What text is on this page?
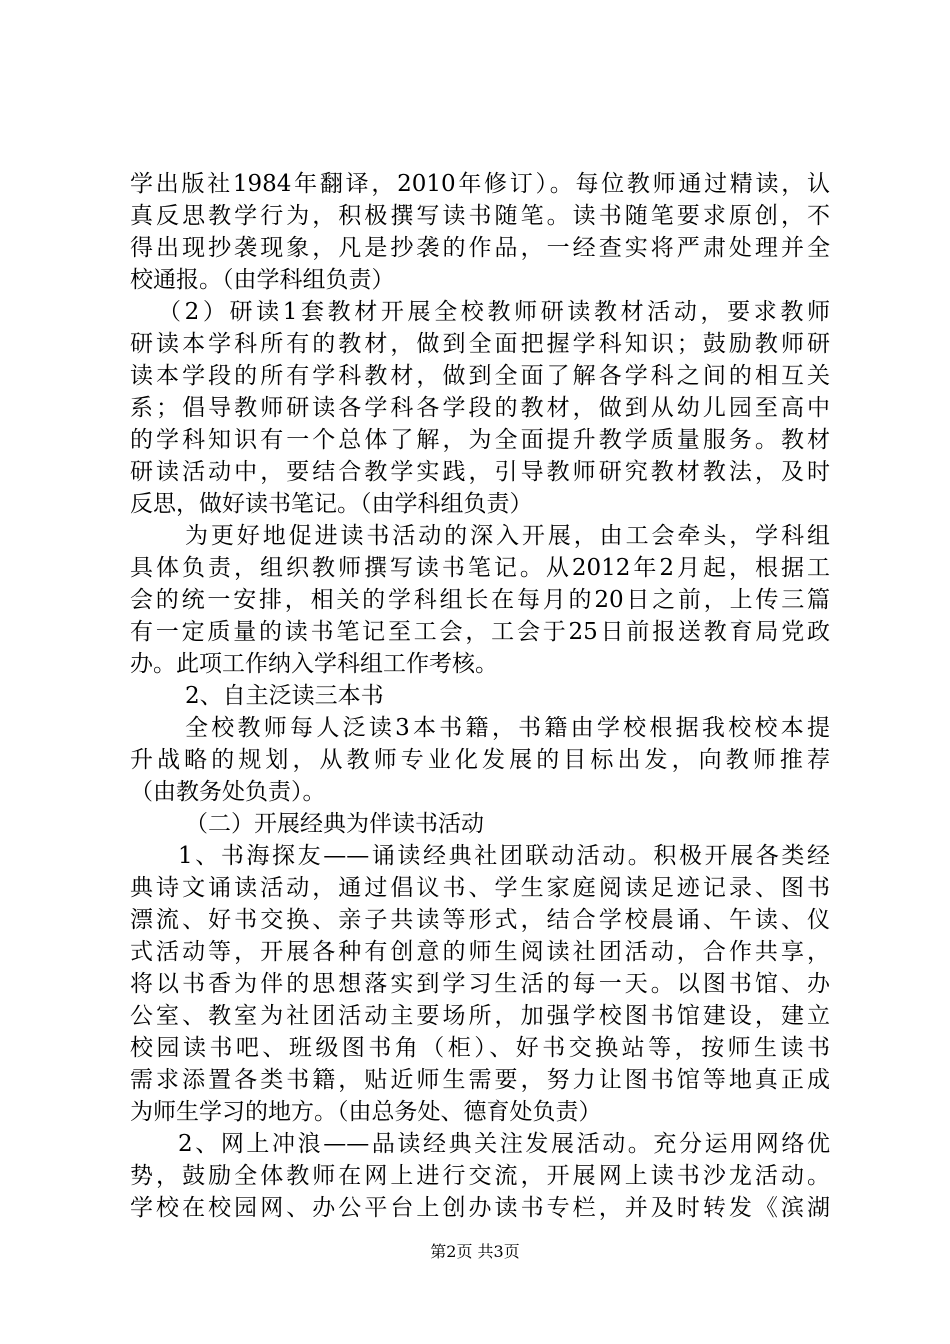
学出版社1984年翻译，2010年修订）。每位教师通过精读，认
真反思教学行为，积极撰写读书随笔。读书随笔要求原创，不
得出现抄袭现象，凡是抄袭的作品，一经查实将严肃处理并全
校通报。（由学科组负责）
（2）研读1套教材开展全校教师研读教材活动，要求教师
研读本学科所有的教材，做到全面把握学科知识；鼓励教师研
读本学段的所有学科教材，做到全面了解各学科之间的相互关
系；倡导教师研读各学科各学段的教材，做到从幼儿园至高中
的学科知识有一个总体了解，为全面提升教学质量服务。教材
研读活动中，要结合教学实践，引导教师研究教材教法，及时
反思，做好读书笔记。（由学科组负责）
为更好地促进读书活动的深入开展，由工会牵头，学科组
具体负责，组织教师撰写读书笔记。从2012年2月起，根据工
会的统一安排，相关的学科组长在每月的20日之前，上传三篇
有一定质量的读书笔记至工会，工会于25日前报送教育局党政
办。此项工作纳入学科组工作考核。
2、自主泛读三本书
全校教师每人泛读3本书籍，书籍由学校根据我校校本提
升战略的规划，从教师专业化发展的目标出发，向教师推荐
（由教务处负责）。
（二）开展经典为伴读书活动
1、书海探友——诵读经典社团联动活动。积极开展各类经
典诗文诵读活动，通过倡议书、学生家庭阅读足迹记录、图书
漂流、好书交换、亲子共读等形式，结合学校晨诵、午读、仪
式活动等，开展各种有创意的师生阅读社团活动，合作共享，
将以书香为伴的思想落实到学习生活的每一天。以图书馆、办
公室、教室为社团活动主要场所，加强学校图书馆建设，建立
校园读书吧、班级图书角（柜）、好书交换站等，按师生读书
需求添置各类书籍，贴近师生需要，努力让图书馆等地真正成
为师生学习的地方。（由总务处、德育处负责）
2、网上冲浪——品读经典关注发展活动。充分运用网络优
势，鼓励全体教师在网上进行交流，开展网上读书沙龙活动。
学校在校园网、办公平台上创办读书专栏，并及时转发《滨湖
第2页 共3页
